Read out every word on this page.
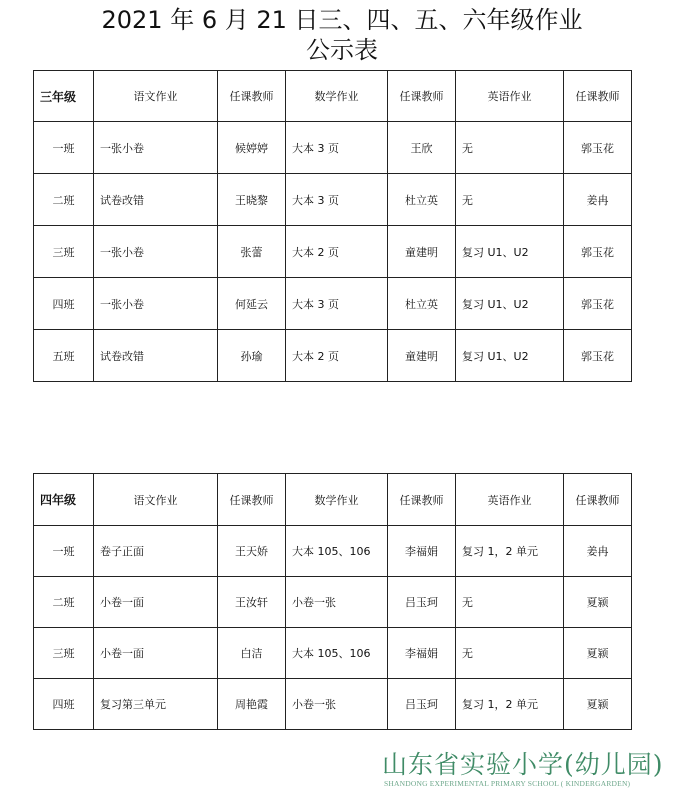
2021 年 6 月 21 日三、四、五、六年级作业
公示表
三年级	语文作业	任课教师	数学作业	任课教师	英语作业	任课教师
一班	一张小卷	候婷婷	大本 3 页	王欣	无	郭玉花
二班	试卷改错	王晓黎	大本 3 页	杜立英	无	姜冉
三班	一张小卷	张蕾	大本 2 页	童建明	复习 U1、U2	郭玉花
四班	一张小卷	何延云	大本 3 页	杜立英	复习 U1、U2	郭玉花
五班	试卷改错	孙瑜	大本 2 页	童建明	复习 U1、U2	郭玉花
四年级	语文作业	任课教师	数学作业	任课教师	英语作业	任课教师
一班	卷子正面	王天娇	大本 105、106	李福娟	复习 1，2 单元	姜冉
二班	小卷一面	王汝轩	小卷一张	吕玉珂	无	夏颍
三班	小卷一面	白洁	大本 105、106	李福娟	无	夏颍
四班	复习第三单元	周艳霞	小卷一张	吕玉珂	复习 1，2 单元	夏颍
山东省实验小学(幼儿园)
SHANDONG EXPERIMENTAL PRIMARY SCHOOL ( KINDERGARDEN)
